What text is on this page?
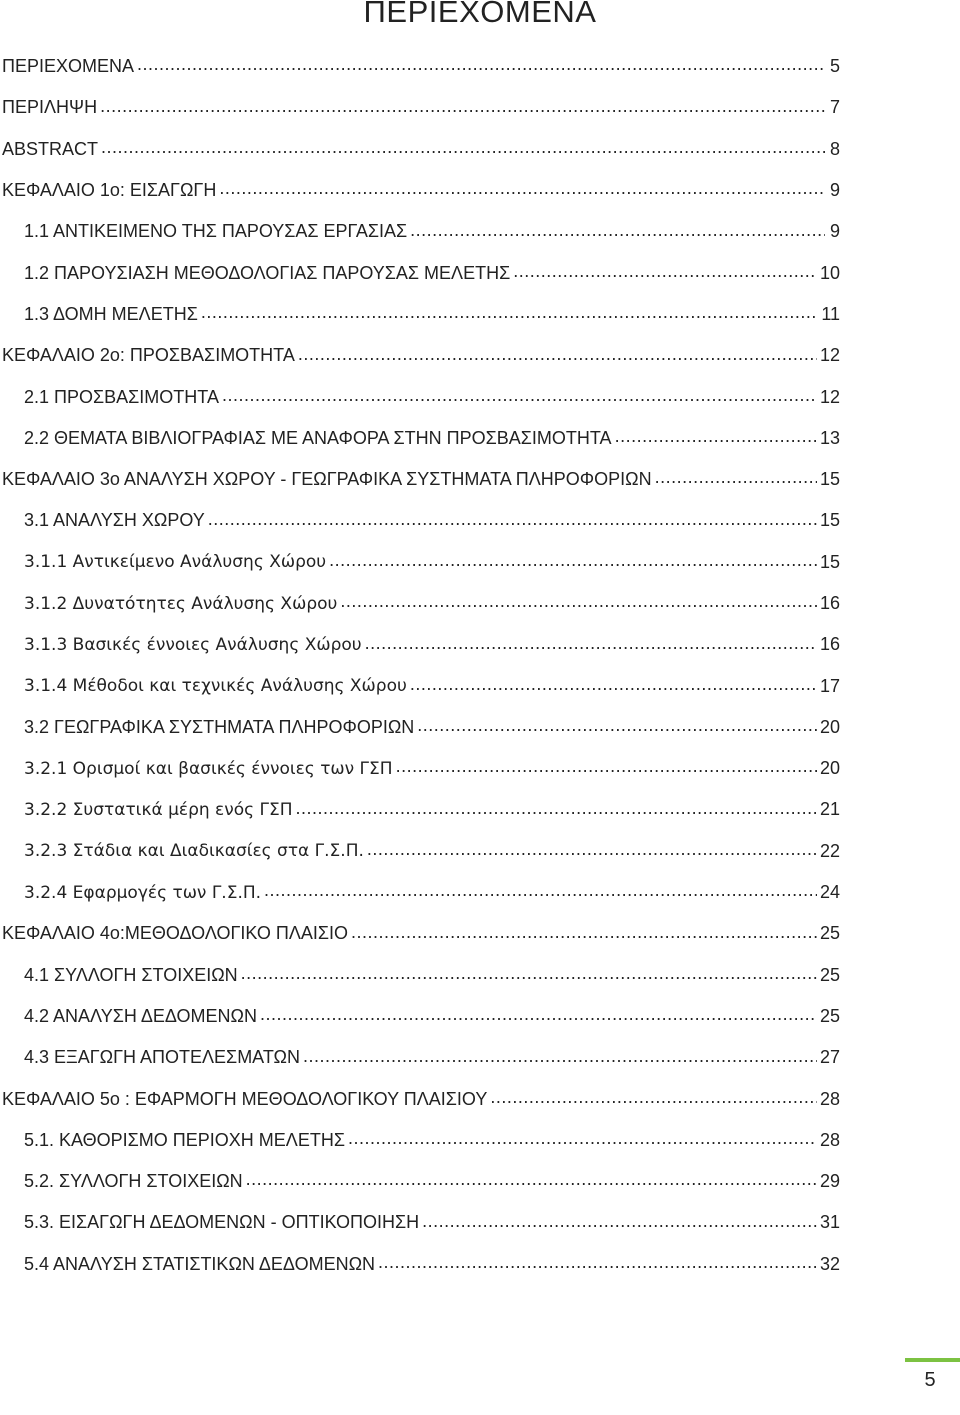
ΠΕΡΙΕΧΟΜΕΝΑ
ΠΕΡΙΕΧΟΜΕΝΑ .....	5
ΠΕΡΙΛΗΨΗ .....	7
ABSTRACT .....	8
ΚΕΦΑΛΑΙΟ 1ο: ΕΙΣΑΓΩΓΗ .....	9
1.1 ΑΝΤΙΚΕΙΜΕΝΟ ΤΗΣ ΠΑΡΟΥΣΑΣ ΕΡΓΑΣΙΑΣ .....	9
1.2 ΠΑΡΟΥΣΙΑΣΗ ΜΕΘΟΔΟΛΟΓΙΑΣ ΠΑΡΟΥΣΑΣ ΜΕΛΕΤΗΣ .....	10
1.3 ΔΟΜΗ ΜΕΛΕΤΗΣ .....	11
ΚΕΦΑΛΑΙΟ 2ο: ΠΡΟΣΒΑΣΙΜΟΤΗΤΑ .....	12
2.1 ΠΡΟΣΒΑΣΙΜΟΤΗΤΑ .....	12
2.2 ΘΕΜΑΤΑ ΒΙΒΛΙΟΓΡΑΦΙΑΣ ΜΕ ΑΝΑΦΟΡΑ ΣΤΗΝ ΠΡΟΣΒΑΣΙΜΟΤΗΤΑ .....	13
ΚΕΦΑΛΑΙΟ 3ο ΑΝΑΛΥΣΗ ΧΩΡΟΥ - ΓΕΩΓΡΑΦΙΚΑ ΣΥΣΤΗΜΑΤΑ ΠΛΗΡΟΦΟΡΙΩΝ .....	15
3.1 ΑΝΑΛΥΣΗ ΧΩΡΟΥ .....	15
3.1.1 Αντικείμενο Ανάλυσης Χώρου .....	15
3.1.2 Δυνατότητες Ανάλυσης Χώρου .....	16
3.1.3 Βασικές έννοιες Ανάλυσης Χώρου .....	16
3.1.4 Μέθοδοι και τεχνικές Ανάλυσης Χώρου .....	17
3.2 ΓΕΩΓΡΑΦΙΚΑ ΣΥΣΤΗΜΑΤΑ ΠΛΗΡΟΦΟΡΙΩΝ .....	20
3.2.1 Ορισμοί και βασικές έννοιες των ΓΣΠ .....	20
3.2.2 Συστατικά μέρη ενός ΓΣΠ .....	21
3.2.3 Στάδια και Διαδικασίες στα Γ.Σ.Π. .....	22
3.2.4 Εφαρμογές των Γ.Σ.Π. .....	24
ΚΕΦΑΛΑΙΟ 4ο:ΜΕΘΟΔΟΛΟΓΙΚΟ ΠΛΑΙΣΙΟ .....	25
4.1 ΣΥΛΛΟΓΗ ΣΤΟΙΧΕΙΩΝ .....	25
4.2 ΑΝΑΛΥΣΗ ΔΕΔΟΜΕΝΩΝ .....	25
4.3 ΕΞΑΓΩΓΗ ΑΠΟΤΕΛΕΣΜΑΤΩΝ .....	27
ΚΕΦΑΛΑΙΟ 5ο : ΕΦΑΡΜΟΓΗ ΜΕΘΟΔΟΛΟΓΙΚΟΥ ΠΛΑΙΣΙΟΥ .....	28
5.1. ΚΑΘΟΡΙΣΜΟ ΠΕΡΙΟΧΗ ΜΕΛΕΤΗΣ .....	28
5.2. ΣΥΛΛΟΓΗ ΣΤΟΙΧΕΙΩΝ .....	29
5.3. ΕΙΣΑΓΩΓΗ ΔΕΔΟΜΕΝΩΝ - ΟΠΤΙΚΟΠΟΙΗΣΗ .....	31
5.4 ΑΝΑΛΥΣΗ ΣΤΑΤΙΣΤΙΚΩΝ ΔΕΔΟΜΕΝΩΝ .....	32
5
